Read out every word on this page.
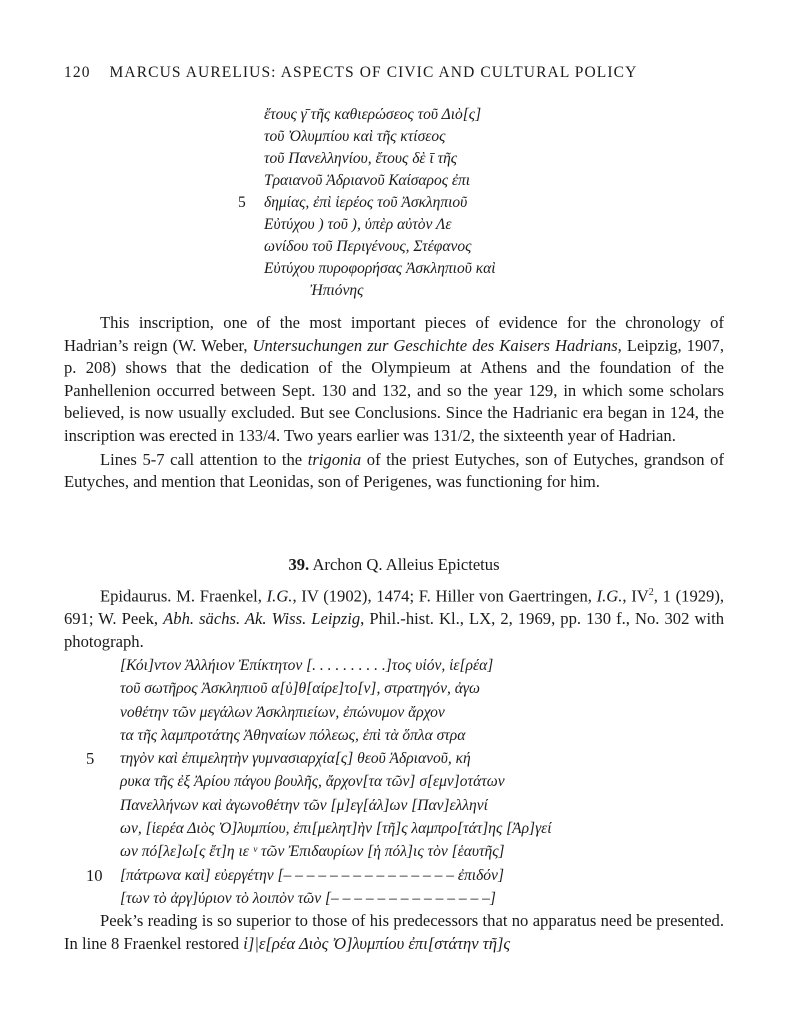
120 MARCUS AURELIUS: ASPECTS OF CIVIC AND CULTURAL POLICY
ἔτους γ̄ τῆς καθιερώσεος τοῦ Διὸ[ς]
τοῦ Ὀλυμπίου καὶ τῆς κτίσεος
τοῦ Πανελληνίου, ἔτους δὲ ῑ τῆς
Τραιανοῦ Ἁδριανοῦ Καίσαρος ἐπι
5 δημίας, ἐπὶ ἱερέος τοῦ Ἀσκληπιοῦ
Εὐτύχου ) τοῦ ), ὑπὲρ αὐτὸν Λε
ωνίδου τοῦ Περιγένους, Στέφανος
Εὐτύχου πυροφορήσας Ἀσκληπιοῦ καὶ
Ἠπιόνης

This inscription, one of the most important pieces of evidence for the chronology of Hadrian’s reign (W. Weber, Untersuchungen zur Geschichte des Kaisers Hadrians, Leipzig, 1907, p. 208) shows that the dedication of the Olympieum at Athens and the foundation of the Panhellenion occurred between Sept. 130 and 132, and so the year 129, in which some scholars believed, is now usually excluded. But see Conclusions. Since the Hadrianic era began in 124, the inscription was erected in 133/4. Two years earlier was 131/2, the sixteenth year of Hadrian.

Lines 5-7 call attention to the trigonia of the priest Eutyches, son of Eutyches, grandson of Eutyches, and mention that Leonidas, son of Perigenes, was functioning for him.

39. Archon Q. Alleius Epictetus

Epidaurus. M. Fraenkel, I.G., IV (1902), 1474; F. Hiller von Gaertringen, I.G., $IV^2$, 1 (1929), 691; W. Peek, Abh. sächs. Ak. Wiss. Leipzig, Phil.-hist. Kl., LX, 2, 1969, pp. 130 f., No. 302 with photograph.

[Κόι]ντον Ἀλλήιον Ἐπίκτητον [. . . . . . . . . .]τος υἱόν, ἱε[ρέα]
τοῦ σωτῆρος Ἀσκληπιοῦ α[ὐ]θ[αίρε]το[ν], στρατηγόν, ἀγω
νοθέτην τῶν μεγάλων Ἀσκληπιείων, ἐπώνυμον ἄρχον
τα τῆς λαμπροτάτης Ἀθηναίων πόλεως, ἐπὶ τὰ ὅπλα στρα
5 τηγὸν καὶ ἐπιμελητὴν γυμνασιαρχία[ς] θεοῦ Ἁδριανοῦ, κή
ρυκα τῆς ἐξ Ἀρίου πάγου βουλῆς, ἄρχον[τα τῶν] σ[εμν]οτάτων
Πανελλήνων καὶ ἀγωνοθέτην τῶν [μ]εγ[άλ]ων [Παν]ελληνί
ων, [ἱερέα Διὸς Ὀ]λυμπίου, ἐπι[μελητ]ὴν [τῆ]ς λαμπρο[τάτ]ης [Ἀρ]γεί
ων πό[λε]ω[ς ἔτ]η ιε ᵛ τῶν Ἐπιδαυρίων [ἡ πόλ]ις τὸν [ἑαυτῆς]
10 [πάτρωνα καὶ] εὐεργέτην [– – – – – – – – – – – – – – – ἐπιδόν]
[των τὸ ἀργ]ύριον τὸ λοιπὸν τῶν [– – – – – – – – – – – – – –]

Peek’s reading is so superior to those of his predecessors that no apparatus need be presented. In line 8 Fraenkel restored ἱ]|ε[ρέα Διὸς Ὀ]λυμπίου ἐπι[στάτην τῆ]ς
